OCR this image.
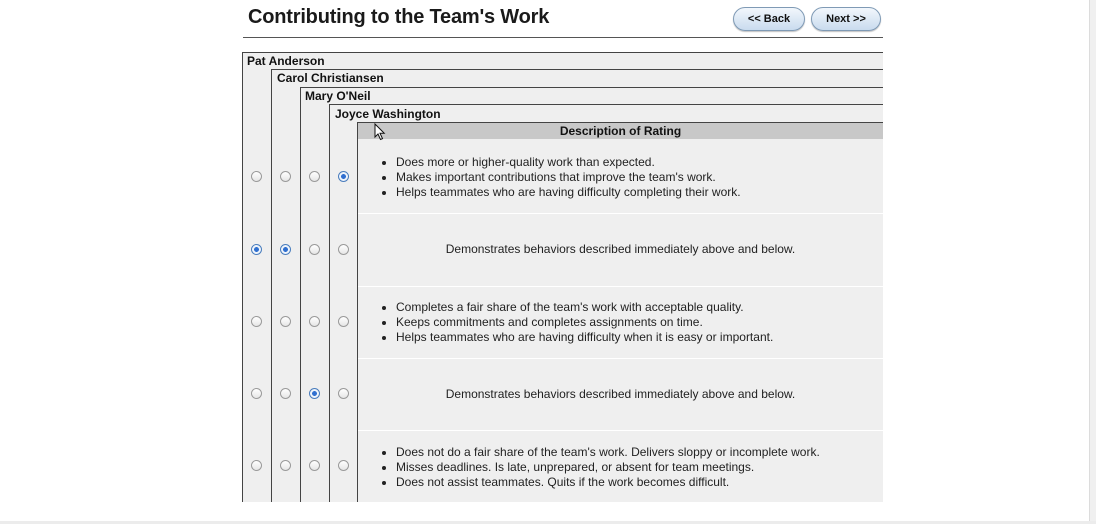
Contributing to the Team's Work	<< Back	Next >>
Pat Anderson
Carol Christiansen
Mary O'Neil
Joyce Washington
Description of Rating
• Does more or higher-quality work than expected.
• Makes important contributions that improve the team's work.
• Helps teammates who are having difficulty completing their work.
Demonstrates behaviors described immediately above and below.
• Completes a fair share of the team's work with acceptable quality.
• Keeps commitments and completes assignments on time.
• Helps teammates who are having difficulty when it is easy or important.
Demonstrates behaviors described immediately above and below.
• Does not do a fair share of the team's work. Delivers sloppy or incomplete work.
• Misses deadlines. Is late, unprepared, or absent for team meetings.
• Does not assist teammates. Quits if the work becomes difficult.
